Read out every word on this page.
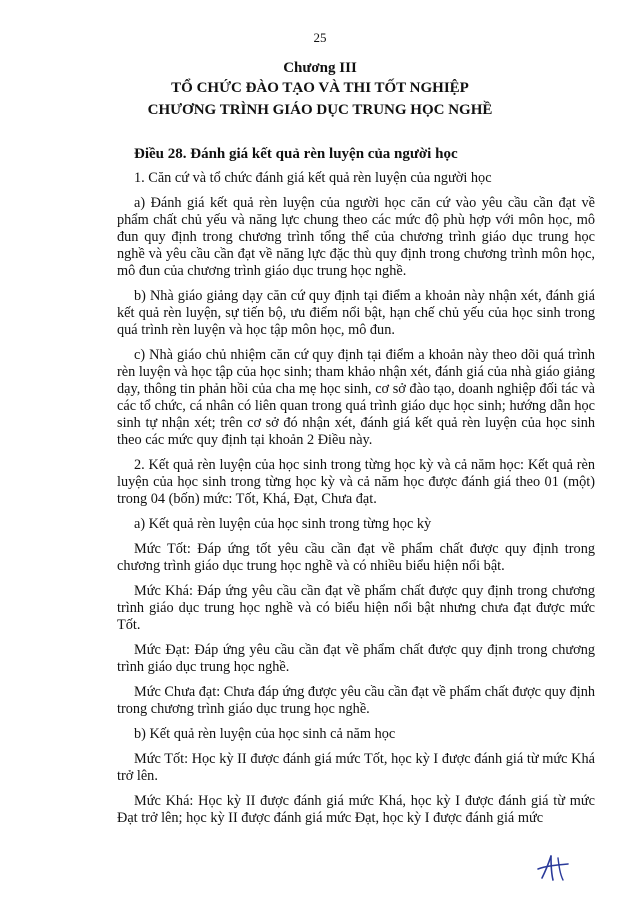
25
Chương III
TỔ CHỨC ĐÀO TẠO VÀ THI TỐT NGHIỆP
CHƯƠNG TRÌNH GIÁO DỤC TRUNG HỌC NGHỀ

Điều 28. Đánh giá kết quả rèn luyện của người học

1. Căn cứ và tổ chức đánh giá kết quả rèn luyện của người học

a) Đánh giá kết quả rèn luyện của người học căn cứ vào yêu cầu cần đạt về phẩm chất chủ yếu và năng lực chung theo các mức độ phù hợp với môn học, mô đun quy định trong chương trình tổng thể của chương trình giáo dục trung học nghề và yêu cầu cần đạt về năng lực đặc thù quy định trong chương trình môn học, mô đun của chương trình giáo dục trung học nghề.

b) Nhà giáo giảng dạy căn cứ quy định tại điểm a khoản này nhận xét, đánh giá kết quả rèn luyện, sự tiến bộ, ưu điểm nổi bật, hạn chế chủ yếu của học sinh trong quá trình rèn luyện và học tập môn học, mô đun.

c) Nhà giáo chủ nhiệm căn cứ quy định tại điểm a khoản này theo dõi quá trình rèn luyện và học tập của học sinh; tham khảo nhận xét, đánh giá của nhà giáo giảng dạy, thông tin phản hồi của cha mẹ học sinh, cơ sở đào tạo, doanh nghiệp đối tác và các tổ chức, cá nhân có liên quan trong quá trình giáo dục học sinh; hướng dẫn học sinh tự nhận xét; trên cơ sở đó nhận xét, đánh giá kết quả rèn luyện của học sinh theo các mức quy định tại khoản 2 Điều này.

2. Kết quả rèn luyện của học sinh trong từng học kỳ và cả năm học: Kết quả rèn luyện của học sinh trong từng học kỳ và cả năm học được đánh giá theo 01 (một) trong 04 (bốn) mức: Tốt, Khá, Đạt, Chưa đạt.

a) Kết quả rèn luyện của học sinh trong từng học kỳ

Mức Tốt: Đáp ứng tốt yêu cầu cần đạt về phẩm chất được quy định trong chương trình giáo dục trung học nghề và có nhiều biểu hiện nổi bật.

Mức Khá: Đáp ứng yêu cầu cần đạt về phẩm chất được quy định trong chương trình giáo dục trung học nghề và có biểu hiện nổi bật nhưng chưa đạt được mức Tốt.

Mức Đạt: Đáp ứng yêu cầu cần đạt về phẩm chất được quy định trong chương trình giáo dục trung học nghề.

Mức Chưa đạt: Chưa đáp ứng được yêu cầu cần đạt về phẩm chất được quy định trong chương trình giáo dục trung học nghề.

b) Kết quả rèn luyện của học sinh cả năm học

Mức Tốt: Học kỳ II được đánh giá mức Tốt, học kỳ I được đánh giá từ mức Khá trở lên.

Mức Khá: Học kỳ II được đánh giá mức Khá, học kỳ I được đánh giá từ mức Đạt trở lên; học kỳ II được đánh giá mức Đạt, học kỳ I được đánh giá mức
